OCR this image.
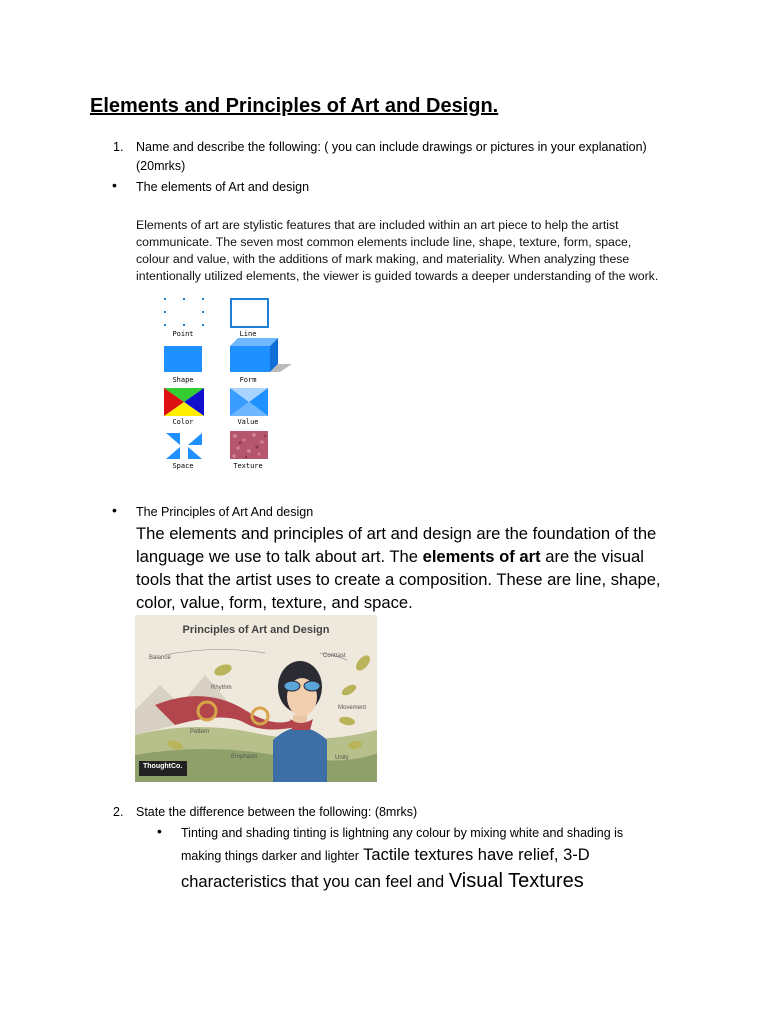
Elements and Principles of Art and Design.
1.	Name and describe the following: ( you can include drawings or pictures in your explanation)
(20mrks)
• The elements of Art and design
Elements of art are stylistic features that are included within an art piece to help the artist
communicate. The seven most common elements include line, shape, texture, form, space,
colour and value, with the additions of mark making, and materiality. When analyzing these
intentionally utilized elements, the viewer is guided towards a deeper understanding of the work.
Point	Line
Shape	Form
Color	Value
Space	Texture
• The Principles of Art And design
The elements and principles of art and design are the foundation of the
language we use to talk about art. The elements of art are the visual
tools that the artist uses to create a composition. These are line, shape,
color, value, form, texture, and space.
Principles of Art and Design
Balance	Contrast
Rhythm
Movement
Pattern
Emphasis	Unity
ThoughtCo.
2.	State the difference between the following: (8mrks)
• Tinting and shading tinting is lightning any colour by mixing white and shading is
making things darker and lighter Tactile textures have relief, 3-D
characteristics that you can feel and Visual Textures
